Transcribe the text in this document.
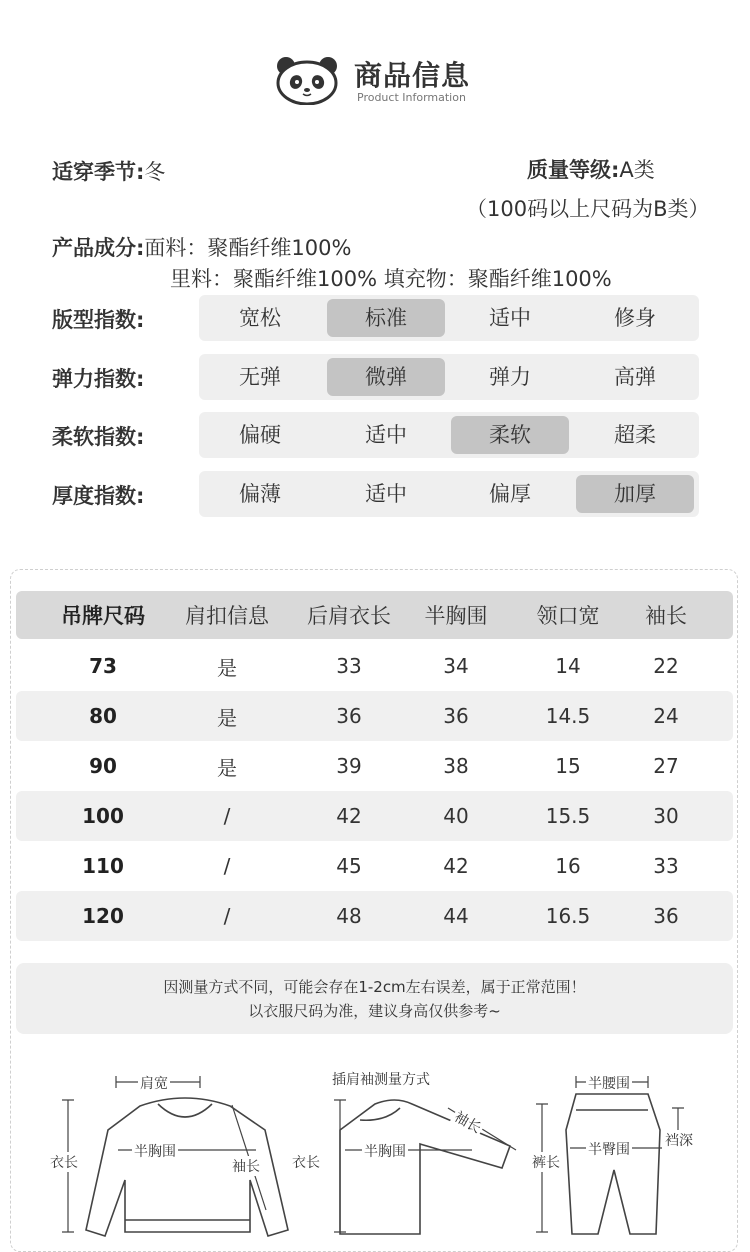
商品信息
Product Information
适穿季节:冬	质量等级:A类
（100码以上尺码为B类）
产品成分:面料：聚酯纤维100%
里料：聚酯纤维100% 填充物：聚酯纤维100%
版型指数:	宽松	标准	适中	修身
弹力指数:	无弹	微弹	弹力	高弹
柔软指数:	偏硬	适中	柔软	超柔
厚度指数:	偏薄	适中	偏厚	加厚
吊牌尺码	肩扣信息	后肩衣长	半胸围	领口宽	袖长
73	是	33	34	14	22
80	是	36	36	14.5	24
90	是	39	38	15	27
100	/	42	40	15.5	30
110	/	45	42	16	33
120	/	48	44	16.5	36
因测量方式不同，可能会存在1-2cm左右误差，属于正常范围！
以衣服尺码为准，建议身高仅供参考~
肩宽
衣长
半胸围
袖长
插肩袖测量方式
衣长
半胸围
袖长
半腰围
裤长
半臀围
裆深
